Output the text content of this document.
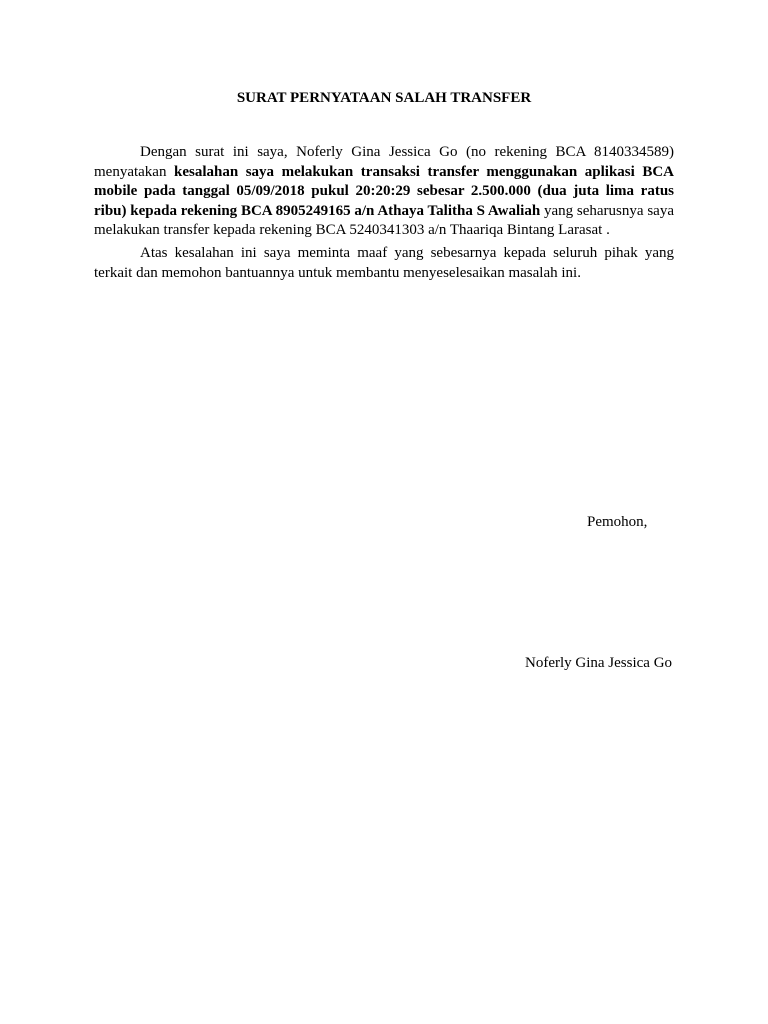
SURAT PERNYATAAN SALAH TRANSFER

Dengan surat ini saya, Noferly Gina Jessica Go (no rekening BCA 8140334589) menyatakan kesalahan saya melakukan transaksi transfer menggunakan aplikasi BCA mobile pada tanggal 05/09/2018 pukul 20:20:29 sebesar 2.500.000 (dua juta lima ratus ribu) kepada rekening BCA 8905249165 a/n Athaya Talitha S Awaliah yang seharusnya saya melakukan transfer kepada rekening BCA 5240341303 a/n Thaariqa Bintang Larasat .

Atas kesalahan ini saya meminta maaf yang sebesarnya kepada seluruh pihak yang terkait dan memohon bantuannya untuk membantu menyeselesaikan masalah ini.

Pemohon,

Noferly Gina Jessica Go
